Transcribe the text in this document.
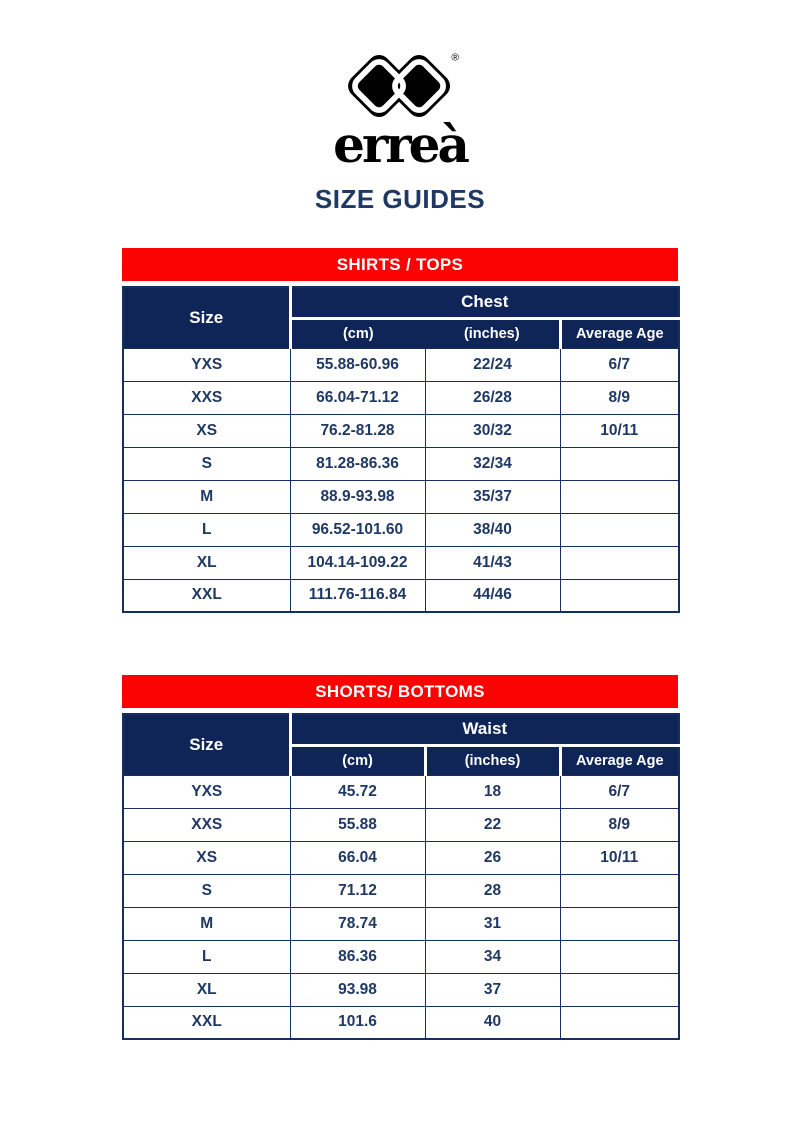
®
erreà
SIZE GUIDES
SHIRTS / TOPS
Size	Chest		
	(cm)	(inches)	Average Age
YXS	55.88-60.96	22/24	6/7
XXS	66.04-71.12	26/28	8/9
XS	76.2-81.28	30/32	10/11
S	81.28-86.36	32/34	
M	88.9-93.98	35/37	
L	96.52-101.60	38/40	
XL	104.14-109.22	41/43	
XXL	111.76-116.84	44/46	
SHORTS/ BOTTOMS
Size	Waist		
	(cm)	(inches)	Average Age
YXS	45.72	18	6/7
XXS	55.88	22	8/9
XS	66.04	26	10/11
S	71.12	28	
M	78.74	31	
L	86.36	34	
XL	93.98	37	
XXL	101.6	40	
